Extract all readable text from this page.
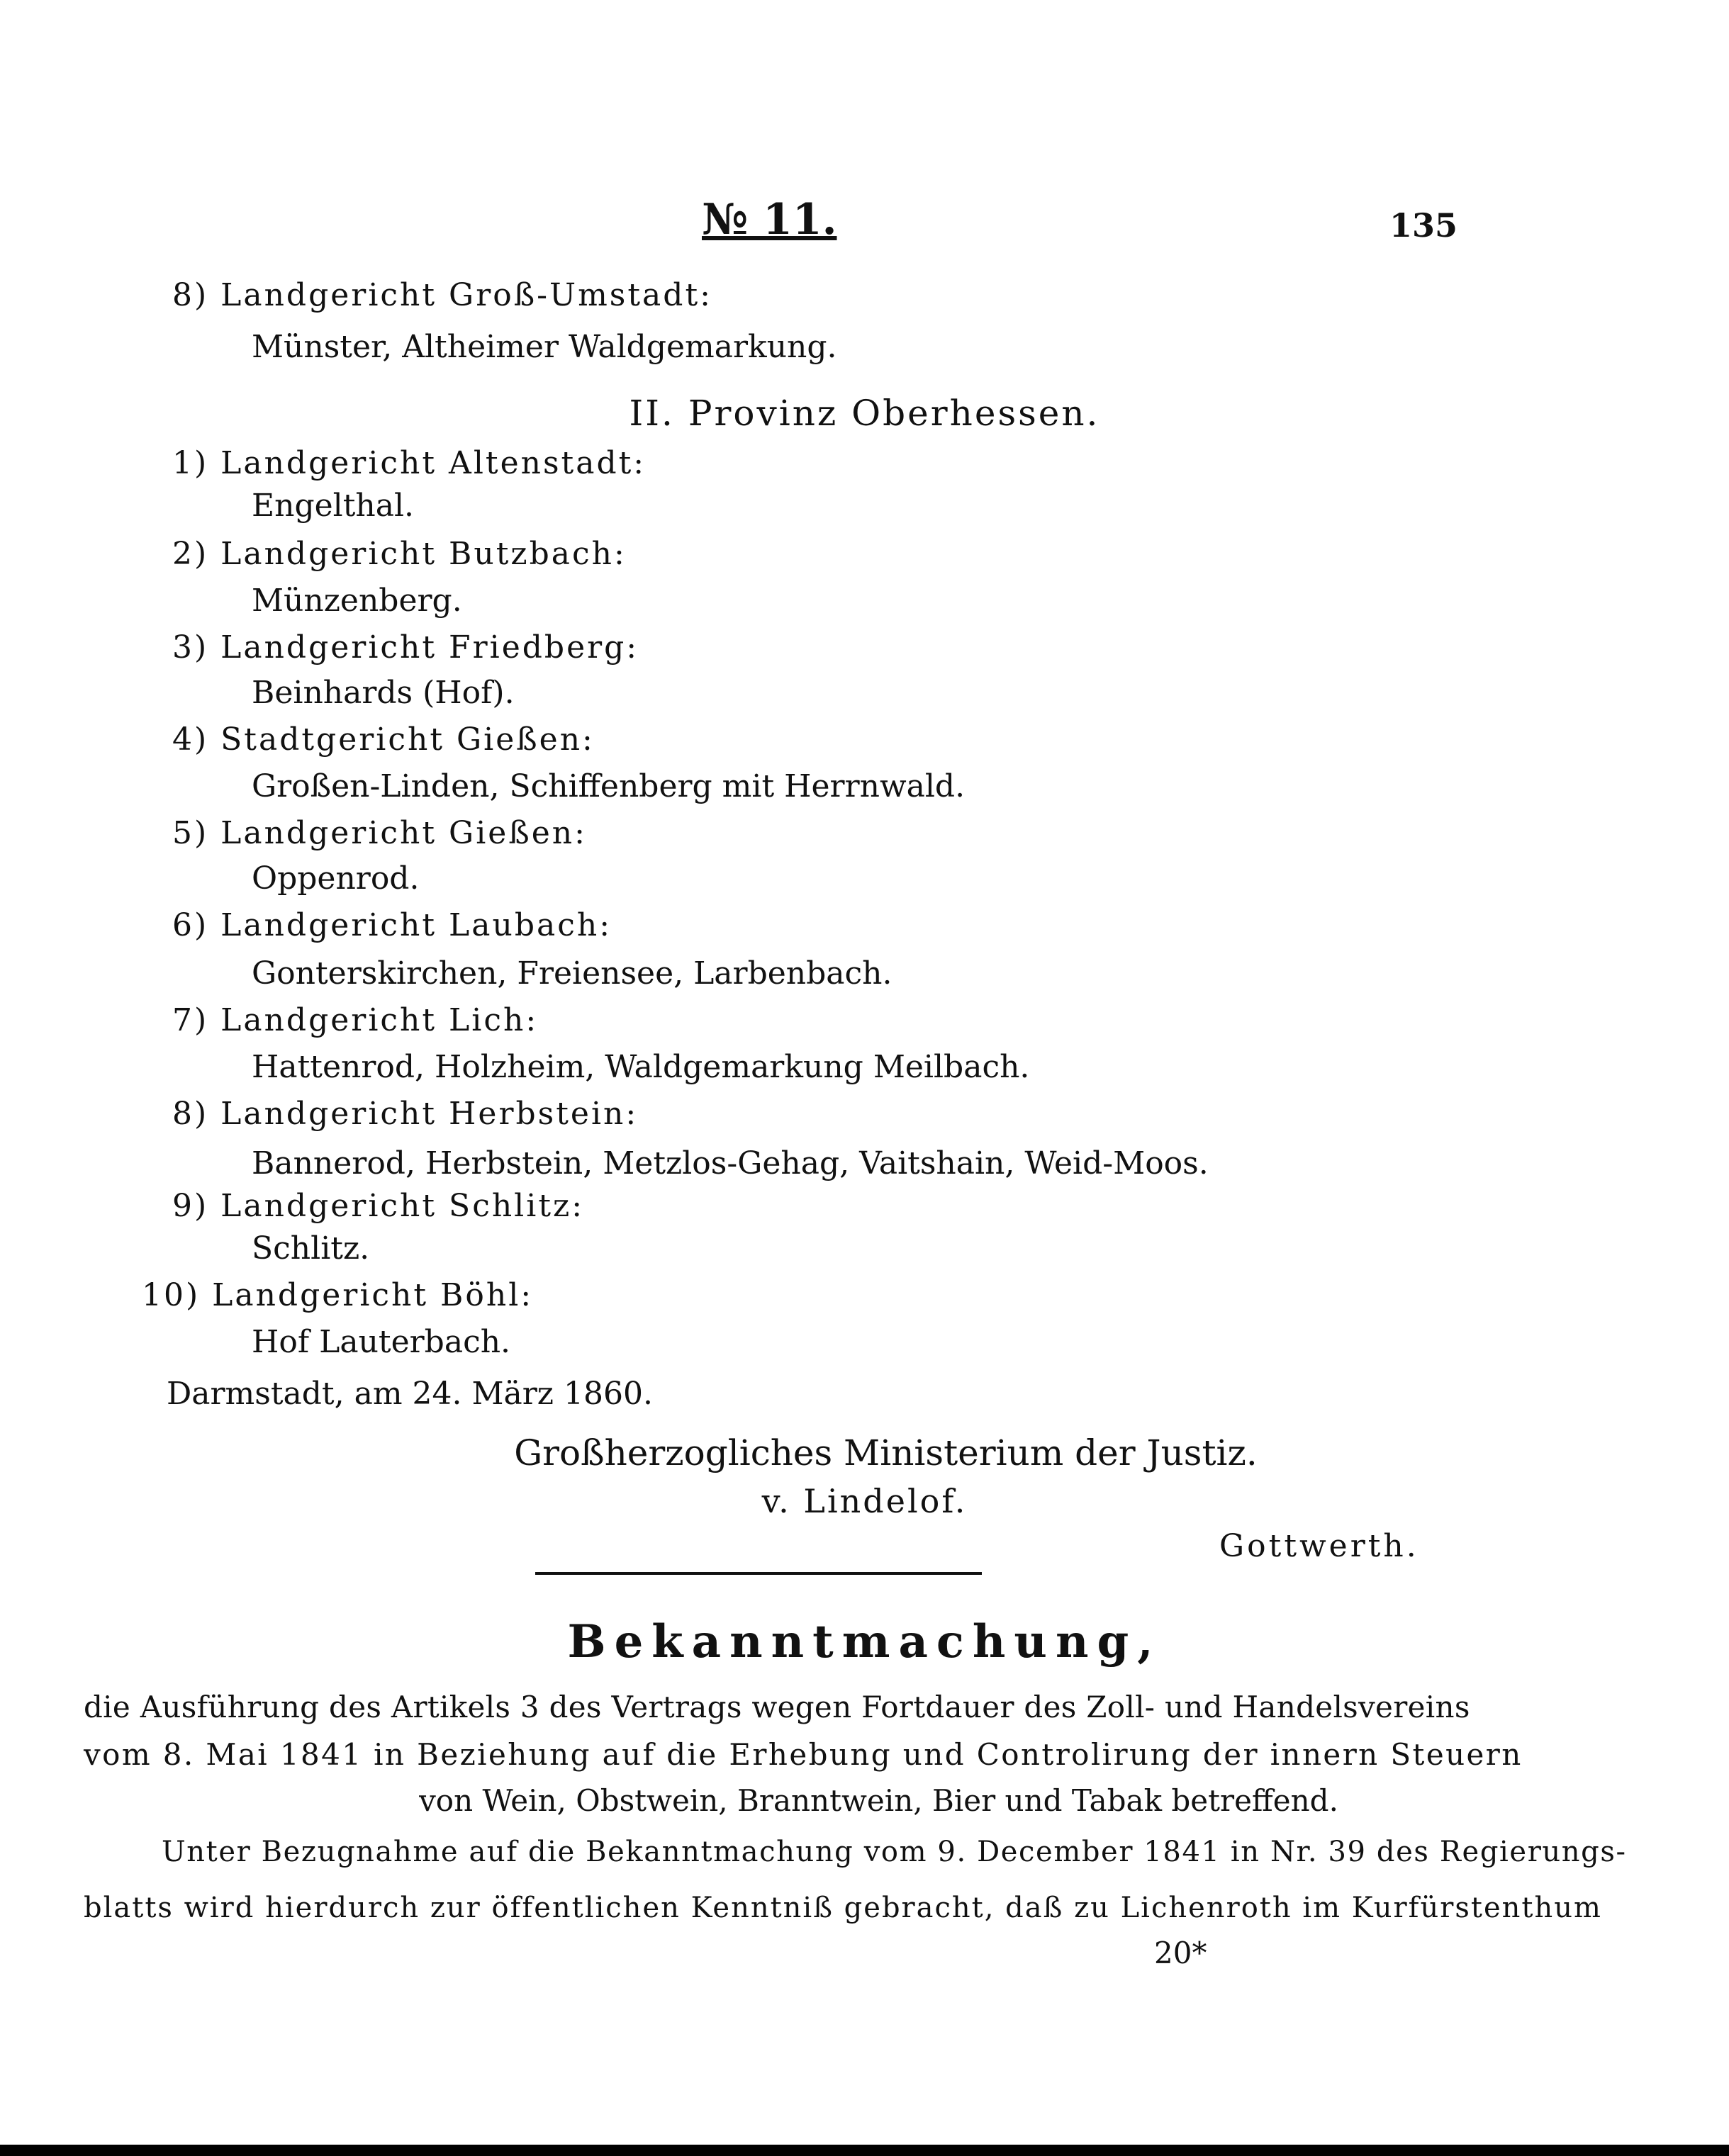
№ 11.	135
8) Landgericht Groß-Umstadt:
Münster, Altheimer Waldgemarkung.
II. Provinz Oberhessen.
1) Landgericht Altenstadt:
Engelthal.
2) Landgericht Butzbach:
Münzenberg.
3) Landgericht Friedberg:
Beinhards (Hof).
4) Stadtgericht Gießen:
Großen-Linden, Schiffenberg mit Herrnwald.
5) Landgericht Gießen:
Oppenrod.
6) Landgericht Laubach:
Gonterskirchen, Freiensee, Larbenbach.
7) Landgericht Lich:
Hattenrod, Holzheim, Waldgemarkung Meilbach.
8) Landgericht Herbstein:
Bannerod, Herbstein, Metzlos-Gehag, Vaitshain, Weid-Moos.
9) Landgericht Schlitz:
Schlitz.
10) Landgericht Böhl:
Hof Lauterbach.
Darmstadt, am 24. März 1860.
Großherzogliches Ministerium der Justiz.
v. Lindelof.
Gottwerth.
Bekanntmachung,
die Ausführung des Artikels 3 des Vertrags wegen Fortdauer des Zoll- und Handelsvereins
vom 8. Mai 1841 in Beziehung auf die Erhebung und Controlirung der innern Steuern
von Wein, Obstwein, Branntwein, Bier und Tabak betreffend.
Unter Bezugnahme auf die Bekanntmachung vom 9. December 1841 in Nr. 39 des Regierungs-
blatts wird hierdurch zur öffentlichen Kenntniß gebracht, daß zu Lichenroth im Kurfürstenthum
20*
